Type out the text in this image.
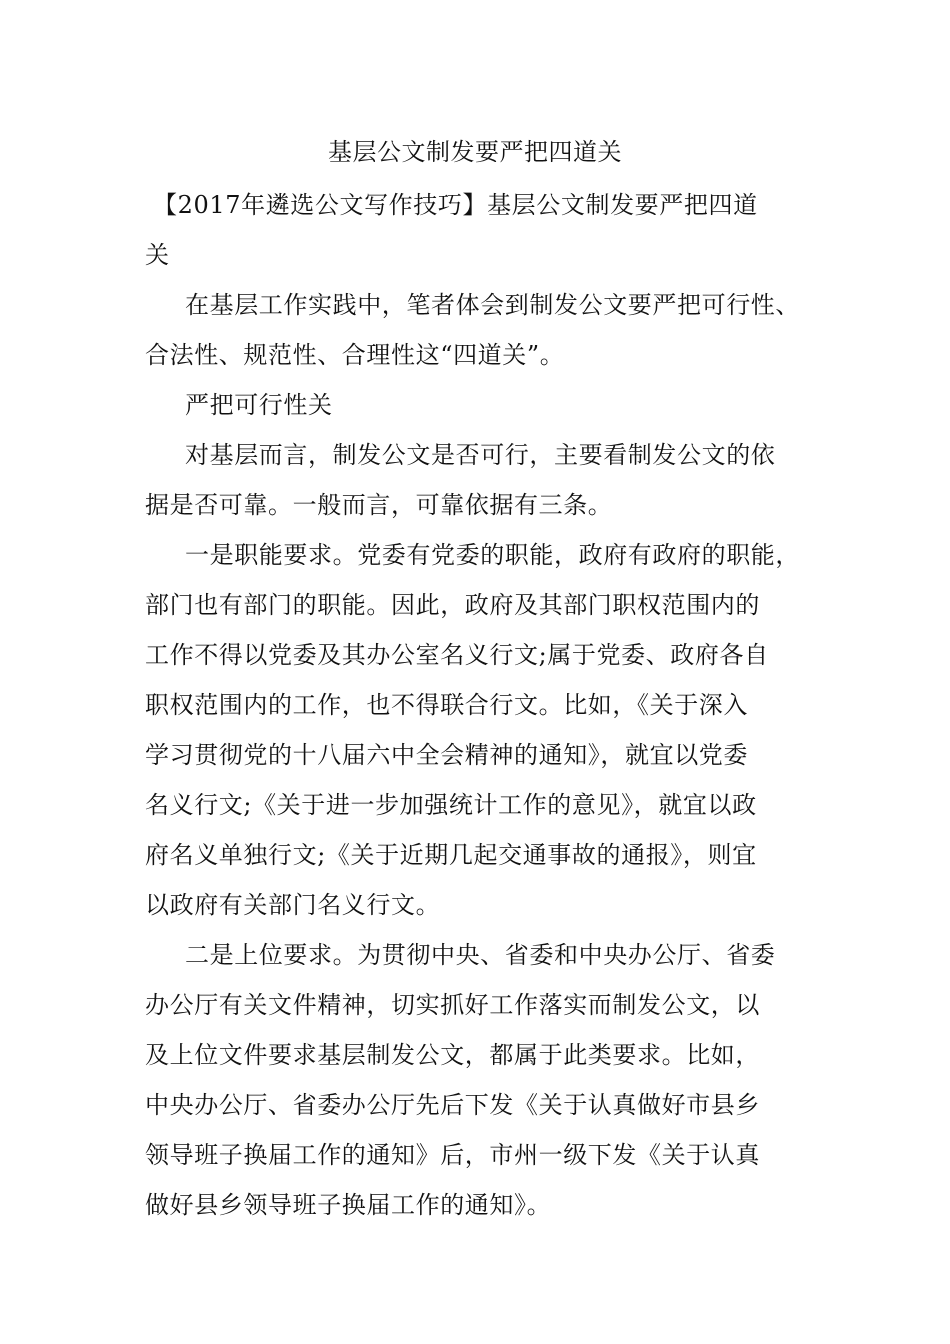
基层公文制发要严把四道关
【2017年遴选公文写作技巧】基层公文制发要严把四道
关
在基层工作实践中，笔者体会到制发公文要严把可行性、
合法性、规范性、合理性这“四道关”。
严把可行性关
对基层而言，制发公文是否可行，主要看制发公文的依
据是否可靠。一般而言，可靠依据有三条。
一是职能要求。党委有党委的职能，政府有政府的职能，
部门也有部门的职能。因此，政府及其部门职权范围内的
工作不得以党委及其办公室名义行文;属于党委、政府各自
职权范围内的工作，也不得联合行文。比如，《关于深入
学习贯彻党的十八届六中全会精神的通知》，就宜以党委
名义行文;《关于进一步加强统计工作的意见》，就宜以政
府名义单独行文;《关于近期几起交通事故的通报》，则宜
以政府有关部门名义行文。
二是上位要求。为贯彻中央、省委和中央办公厅、省委
办公厅有关文件精神，切实抓好工作落实而制发公文，以
及上位文件要求基层制发公文，都属于此类要求。比如，
中央办公厅、省委办公厅先后下发《关于认真做好市县乡
领导班子换届工作的通知》后，市州一级下发《关于认真
做好县乡领导班子换届工作的通知》。
